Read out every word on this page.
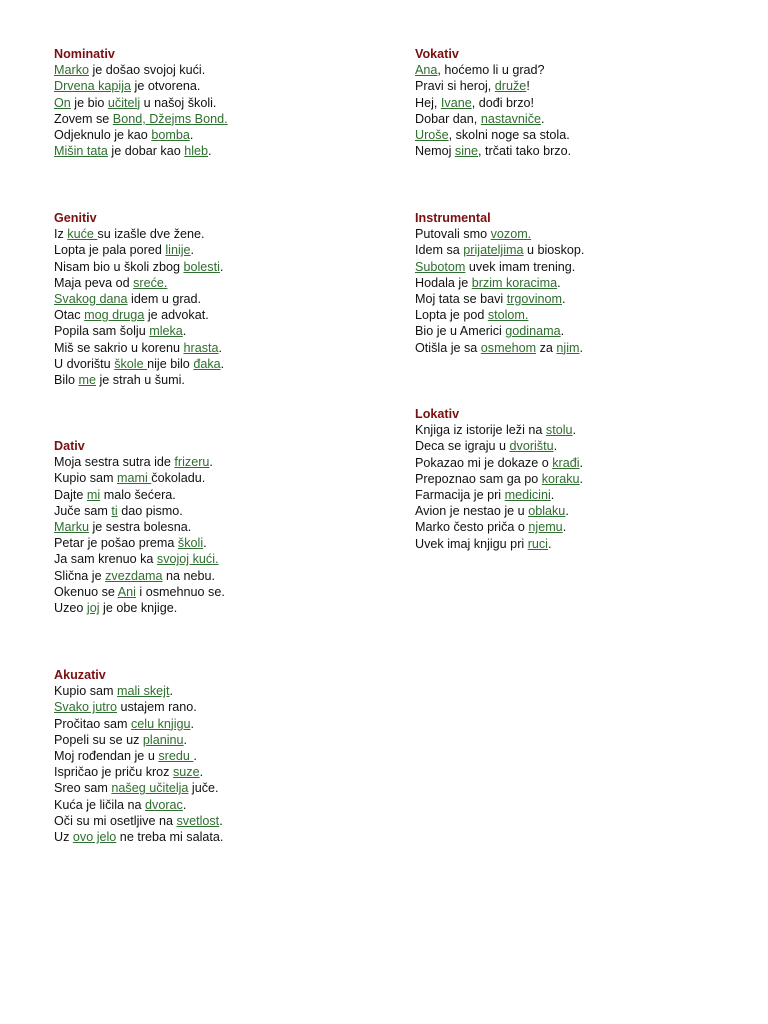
Nominativ
Marko je došao svojoj kući.
Drvena kapija je otvorena.
On je bio učitelj u našoj školi.
Zovem se Bond, Džejms Bond.
Odjeknulo je kao bomba.
Mišin tata je dobar kao hleb.
Genitiv
Iz kuće su izašle dve žene.
Lopta je pala pored linije.
Nisam bio u školi zbog bolesti.
Maja peva od sreće.
Svakog dana idem u grad.
Otac mog druga je advokat.
Popila sam šolju mleka.
Miš se sakrio u korenu hrasta.
U dvorištu škole nije bilo đaka.
Bilo me je strah u šumi.
Dativ
Moja sestra sutra ide frizeru.
Kupio sam mami čokoladu.
Dajte mi malo šećera.
Juče sam ti dao pismo.
Marku je sestra bolesna.
Petar je pošao prema školi.
Ja sam krenuo ka svojoj kući.
Slična je zvezdama na nebu.
Okenuo se Ani i osmehnuo se.
Uzeo joj je obe knjige.
Akuzativ
Kupio sam mali skejt.
Svako jutro ustajem rano.
Pročitao sam celu knjigu.
Popeli su se uz planinu.
Moj rođendan je u sredu .
Ispričao je priču kroz suze.
Sreo sam našeg učitelja juče.
Kuća je ličila na dvorac.
Oči su mi osetljive na svetlost.
Uz ovo jelo ne treba mi salata.
Vokativ
Ana, hoćemo li u grad?
Pravi si heroj, druže!
Hej, Ivane, dođi brzo!
Dobar dan, nastavniče.
Uroše, skolni noge sa stola.
Nemoj sine, trčati tako brzo.
Instrumental
Putovali smo vozom.
Idem sa prijateljima u bioskop.
Subotom uvek imam trening.
Hodala je brzim koracima.
Moj tata se bavi trgovinom.
Lopta je pod stolom.
Bio je u Americi godinama.
Otišla je sa osmehom za njim.
Lokativ
Knjiga iz istorije leži na stolu.
Deca se igraju u dvorištu.
Pokazao mi je dokaze o krađi.
Prepoznao sam ga po koraku.
Farmacija je pri medicini.
Avion je nestao je u oblaku.
Marko često priča o njemu.
Uvek imaj knjigu pri ruci.
